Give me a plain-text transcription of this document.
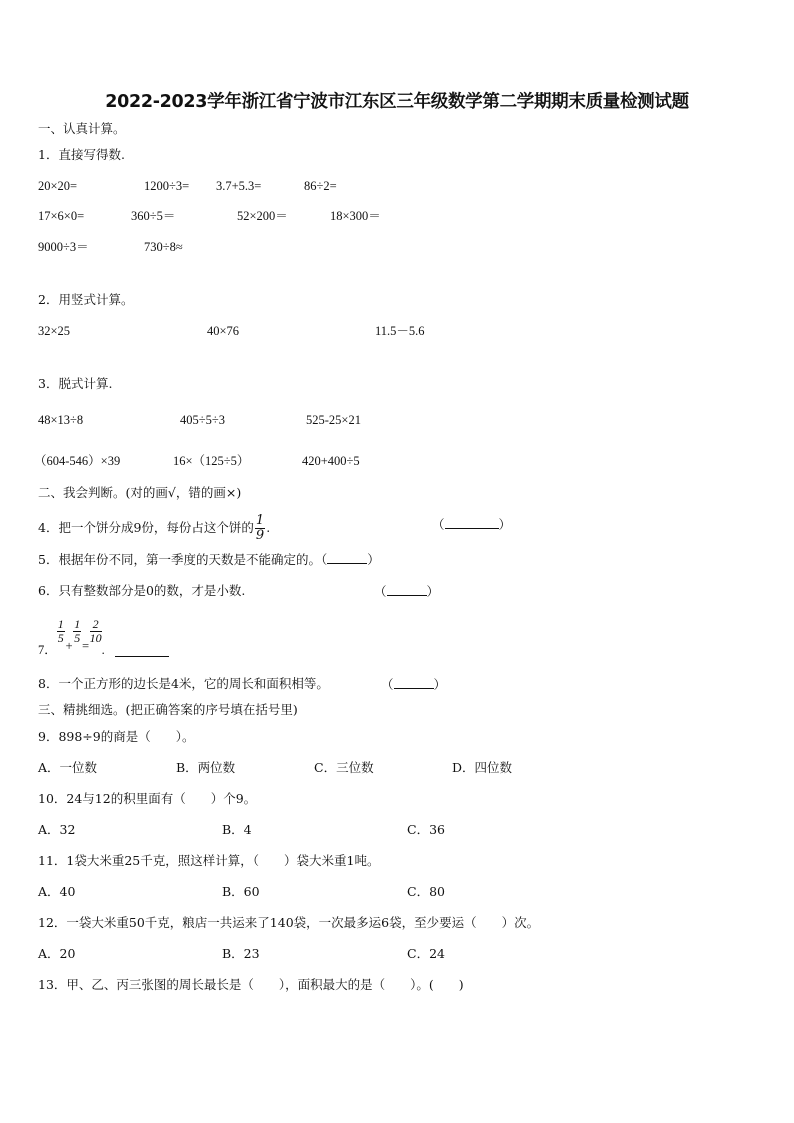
2022-2023学年浙江省宁波市江东区三年级数学第二学期期末质量检测试题
一、认真计算。
1．直接写得数.
20×20=	1200÷3= 3.7+5.3=	86÷2=
17×6×0=	360÷5＝	52×200＝	18×300＝
9000÷3＝	730÷8≈
2．用竖式计算。
32×25	40×76	11.5－5.6
3．脱式计算.
48×13÷8	405÷5÷3	525-25×21
（604-546）×39	16×（125÷5）	420+400÷5
二、我会判断。(对的画√，错的画×)
4．把一个饼分成9份，每份占这个饼的 $\frac{1}{9}$ .	（	）
5．根据年份不同，第一季度的天数是不能确定的。（	）
6．只有整数部分是0的数，才是小数.	（	）
7．
$\frac{1}{5}$
+
$\frac{1}{5}$
=
$\frac{2}{10}$
.
8．一个正方形的边长是4米，它的周长和面积相等。	（	）
三、精挑细选。(把正确答案的序号填在括号里)
9．898÷9的商是（　　）。
A．一位数	B．两位数	C．三位数	D．四位数
10．24与12的积里面有（　　）个9。
A．32	B．4	C．36
11．1袋大米重25千克，照这样计算，（　　）袋大米重1吨。
A．40	B．60	C．80
12．一袋大米重50千克，粮店一共运来了140袋，一次最多运6袋，至少要运（　　）次。
A．20	B．23	C．24
13．甲、乙、丙三张图的周长最长是（　　），面积最大的是（　　）。(　　)
